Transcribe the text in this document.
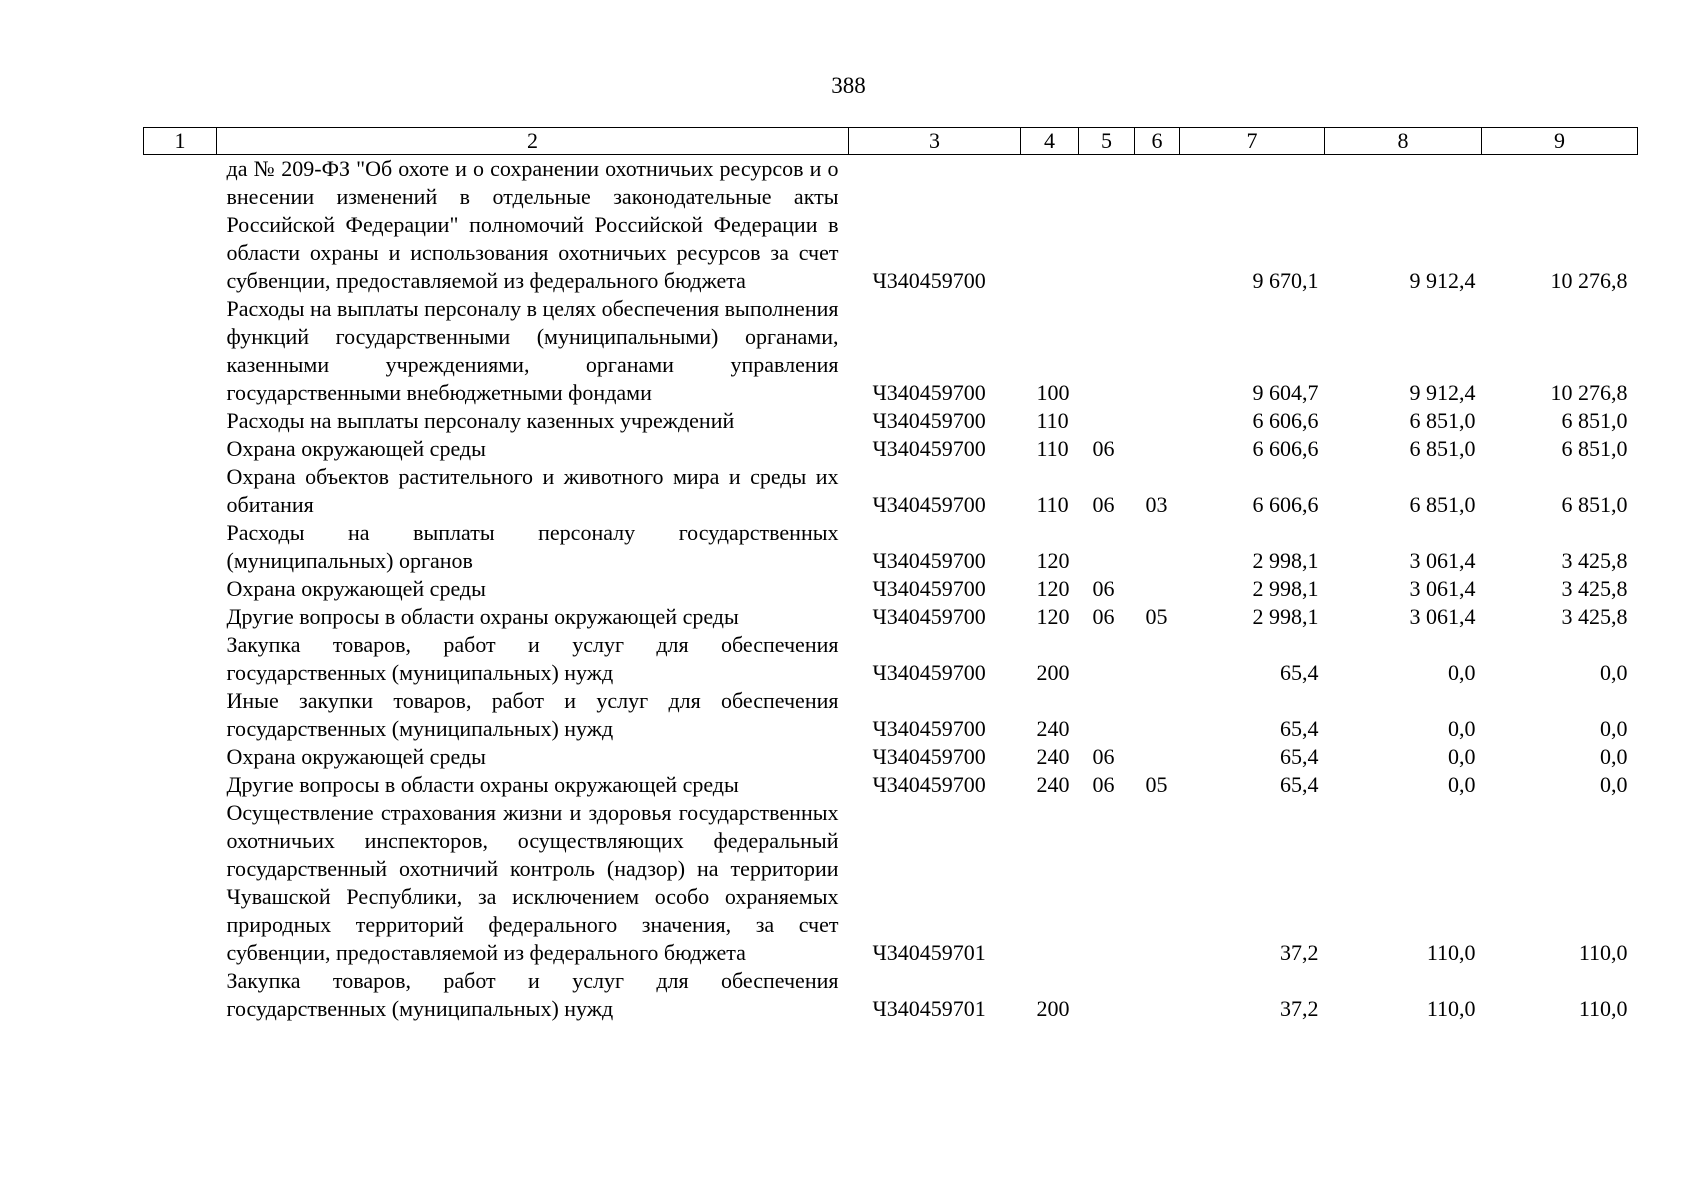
388
1	2	3	4	5	6	7	8	9
	да № 209-ФЗ "Об охоте и о сохранении охотничьих ресурсов и о внесении изменений в отдельные законодательные акты Российской Федерации" полномочий Российской Федерации в области охраны и использования охотничьих ресурсов за счет субвенции, предоставляемой из федерального бюджета	Ч340459700				9 670,1	9 912,4	10 276,8
	Расходы на выплаты персоналу в целях обеспечения выполнения функций государственными (муниципальными) органами, казенными учреждениями, органами управления государственными внебюджетными фондами	Ч340459700	100			9 604,7	9 912,4	10 276,8
	Расходы на выплаты персоналу казенных учреждений	Ч340459700	110			6 606,6	6 851,0	6 851,0
	Охрана окружающей среды	Ч340459700	110	06		6 606,6	6 851,0	6 851,0
	Охрана объектов растительного и животного мира и среды их обитания	Ч340459700	110	06	03	6 606,6	6 851,0	6 851,0
	Расходы на выплаты персоналу государственных (муниципальных) органов	Ч340459700	120			2 998,1	3 061,4	3 425,8
	Охрана окружающей среды	Ч340459700	120	06		2 998,1	3 061,4	3 425,8
	Другие вопросы в области охраны окружающей среды	Ч340459700	120	06	05	2 998,1	3 061,4	3 425,8
	Закупка товаров, работ и услуг для обеспечения государственных (муниципальных) нужд	Ч340459700	200			65,4	0,0	0,0
	Иные закупки товаров, работ и услуг для обеспечения государственных (муниципальных) нужд	Ч340459700	240			65,4	0,0	0,0
	Охрана окружающей среды	Ч340459700	240	06		65,4	0,0	0,0
	Другие вопросы в области охраны окружающей среды	Ч340459700	240	06	05	65,4	0,0	0,0
	Осуществление страхования жизни и здоровья государственных охотничьих инспекторов, осуществляющих федеральный государственный охотничий контроль (надзор) на территории Чувашской Республики, за исключением особо охраняемых природных территорий федерального значения, за счет субвенции, предоставляемой из федерального бюджета	Ч340459701				37,2	110,0	110,0
	Закупка товаров, работ и услуг для обеспечения государственных (муниципальных) нужд	Ч340459701	200			37,2	110,0	110,0
